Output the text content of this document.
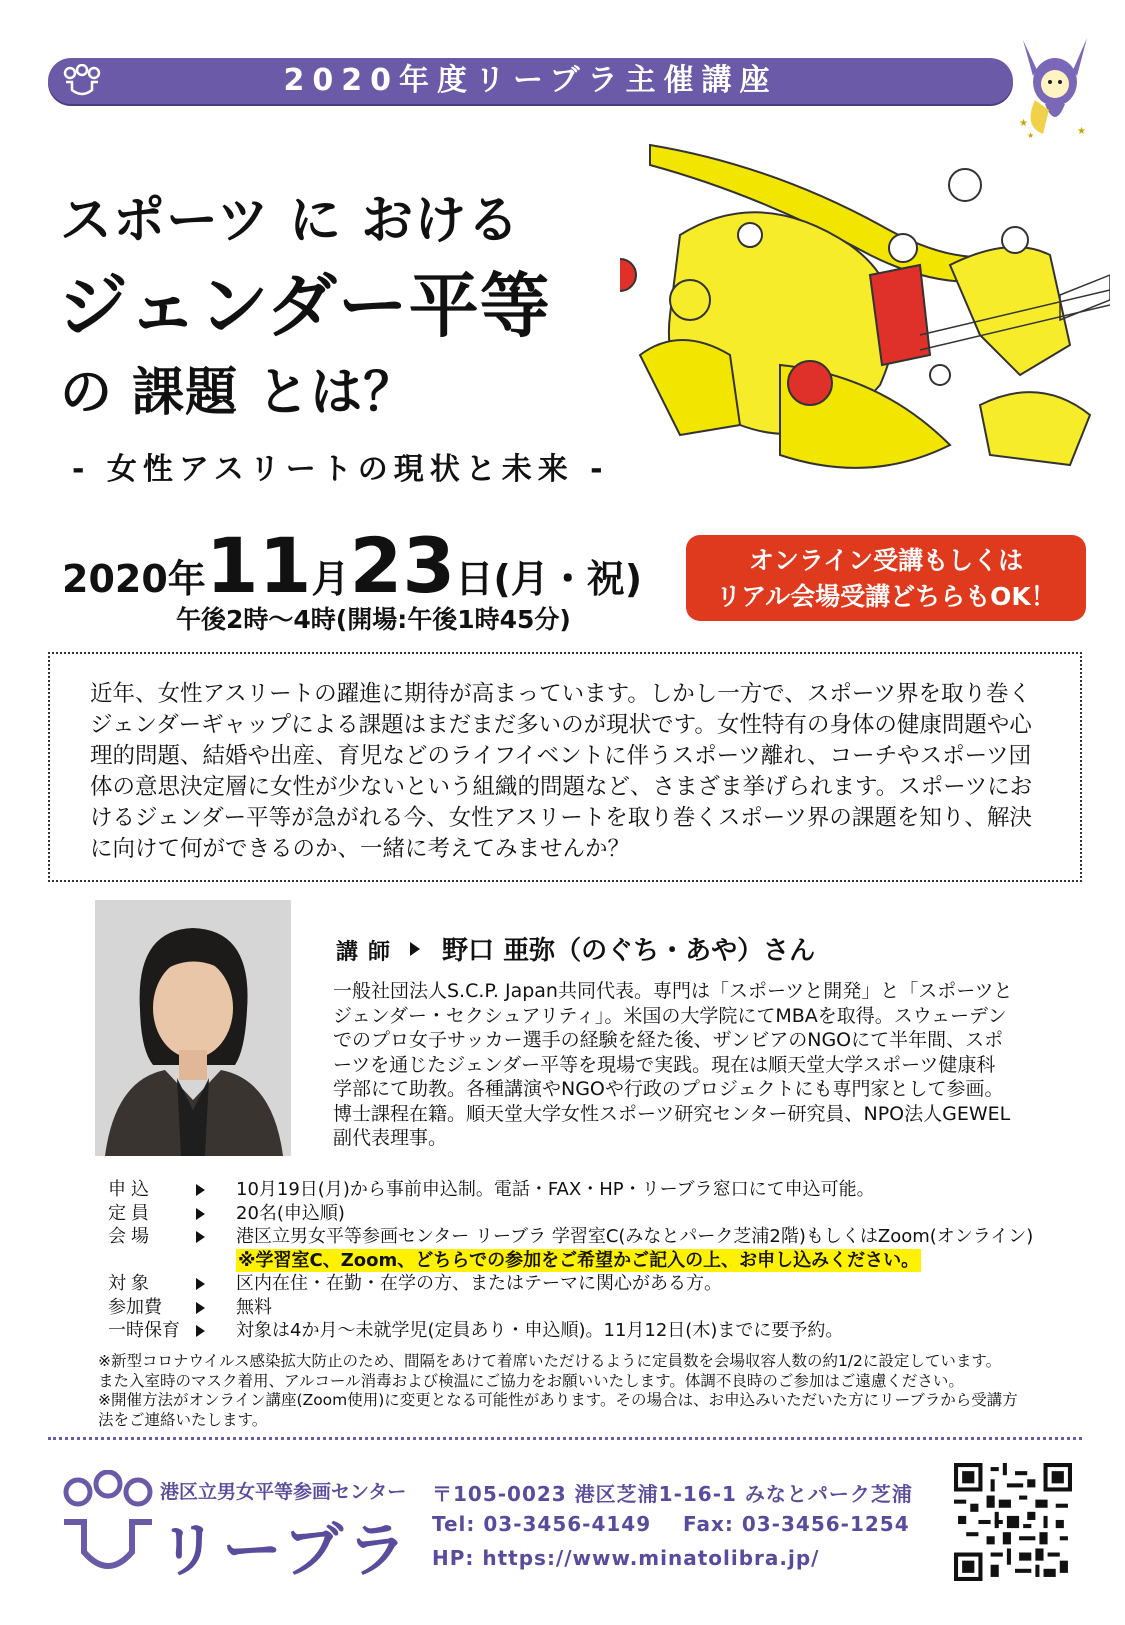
2020年度リーブラ主催講座
★
★
★
スポーツ に おける
ジェンダー平等
の 課題 とは？
- 女性アスリートの現状と未来 -
2020年11月23日(月・祝)
午後2時～4時(開場:午後1時45分)
オンライン受講もしくは
リアル会場受講どちらもOK！
近年、女性アスリートの躍進に期待が高まっています。しかし一方で、スポーツ界を取り巻くジェンダーギャップによる課題はまだまだ多いのが現状です。女性特有の身体の健康問題や心理的問題、結婚や出産、育児などのライフイベントに伴うスポーツ離れ、コーチやスポーツ団体の意思決定層に女性が少ないという組織的問題など、さまざま挙げられます。スポーツにおけるジェンダー平等が急がれる今、女性アスリートを取り巻くスポーツ界の課題を知り、解決に向けて何ができるのか、一緒に考えてみませんか？
講師 野口 亜弥（のぐち・あや）さん
一般社団法人S.C.P. Japan共同代表。専門は「スポーツと開発」と「スポーツとジェンダー・セクシュアリティ」。米国の大学院にてMBAを取得。スウェーデンでのプロ女子サッカー選手の経験を経た後、ザンビアのNGOにて半年間、スポーツを通じたジェンダー平等を現場で実践。現在は順天堂大学スポーツ健康科学部にて助教。各種講演やNGOや行政のプロジェクトにも専門家として参画。博士課程在籍。順天堂大学女性スポーツ研究センター研究員、NPO法人GEWEL副代表理事。
申込	10月19日(月)から事前申込制。電話・FAX・HP・リーブラ窓口にて申込可能。
定員	20名(申込順)
会場	港区立男女平等参画センター リーブラ 学習室C(みなとパーク芝浦2階)もしくはZoom(オンライン)
※学習室C、Zoom、どちらでの参加をご希望かご記入の上、お申し込みください。
対象	区内在住・在勤・在学の方、またはテーマに関心がある方。
参加費	無料
一時保育	対象は4か月～未就学児(定員あり・申込順)。11月12日(木)までに要予約。
※新型コロナウイルス感染拡大防止のため、間隔をあけて着席いただけるように定員数を会場収容人数の約1/2に設定しています。
また入室時のマスク着用、アルコール消毒および検温にご協力をお願いいたします。体調不良時のご参加はご遠慮ください。
※開催方法がオンライン講座(Zoom使用)に変更となる可能性があります。その場合は、お申込みいただいた方にリーブラから受講方
法をご連絡いたします。
港区立男女平等参画センター
リーブラ
〒105-0023 港区芝浦1-16-1 みなとパーク芝浦
Tel: 03-3456-4149 Fax: 03-3456-1254
HP: https://www.minatolibra.jp/
